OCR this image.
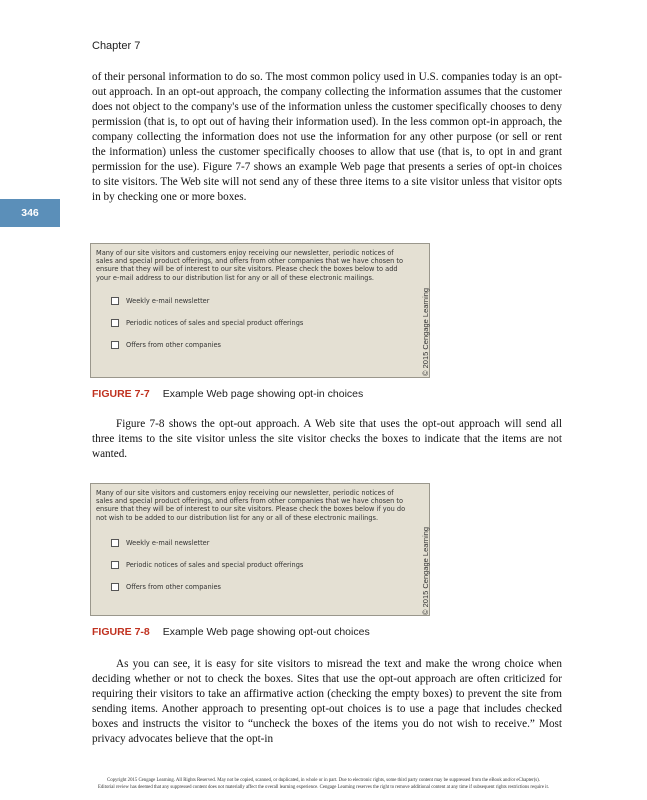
Chapter 7

of their personal information to do so. The most common policy used in U.S. companies today is an opt-out approach. In an opt-out approach, the company collecting the information assumes that the customer does not object to the company's use of the information unless the customer specifically chooses to deny permission (that is, to opt out of having their information used). In the less common opt-in approach, the company collecting the information does not use the information for any other purpose (or sell or rent the information) unless the customer specifically chooses to allow that use (that is, to opt in and grant permission for the use). Figure 7-7 shows an example Web page that presents a series of opt-in choices to site visitors. The Web site will not send any of these three items to a site visitor unless that visitor opts in by checking one or more boxes.

346

Many of our site visitors and customers enjoy receiving our newsletter, periodic notices of sales and special product offerings, and offers from other companies that we have chosen to ensure that they will be of interest to our site visitors. Please check the boxes below to add your e-mail address to our distribution list for any or all of these electronic mailings.

Weekly e-mail newsletter
Periodic notices of sales and special product offerings
Offers from other companies	© 2015 Cengage Learning
FIGURE 7-7 Example Web page showing opt-in choices

Figure 7-8 shows the opt-out approach. A Web site that uses the opt-out approach will send all three items to the site visitor unless the site visitor checks the boxes to indicate that the items are not wanted.

Many of our site visitors and customers enjoy receiving our newsletter, periodic notices of sales and special product offerings, and offers from other companies that we have chosen to ensure that they will be of interest to our site visitors. Please check the boxes below if you do not wish to be added to our distribution list for any or all of these electronic mailings.

Weekly e-mail newsletter
Periodic notices of sales and special product offerings
Offers from other companies	© 2015 Cengage Learning
FIGURE 7-8 Example Web page showing opt-out choices

As you can see, it is easy for site visitors to misread the text and make the wrong choice when deciding whether or not to check the boxes. Sites that use the opt-out approach are often criticized for requiring their visitors to take an affirmative action (checking the empty boxes) to prevent the site from sending items. Another approach to presenting opt-out choices is to use a page that includes checked boxes and instructs the visitor to “uncheck the boxes of the items you do not wish to receive.” Most privacy advocates believe that the opt-in

Copyright 2015 Cengage Learning. All Rights Reserved. May not be copied, scanned, or duplicated, in whole or in part. Due to electronic rights, some third party content may be suppressed from the eBook and/or eChapter(s).
Editorial review has deemed that any suppressed content does not materially affect the overall learning experience. Cengage Learning reserves the right to remove additional content at any time if subsequent rights restrictions require it.
